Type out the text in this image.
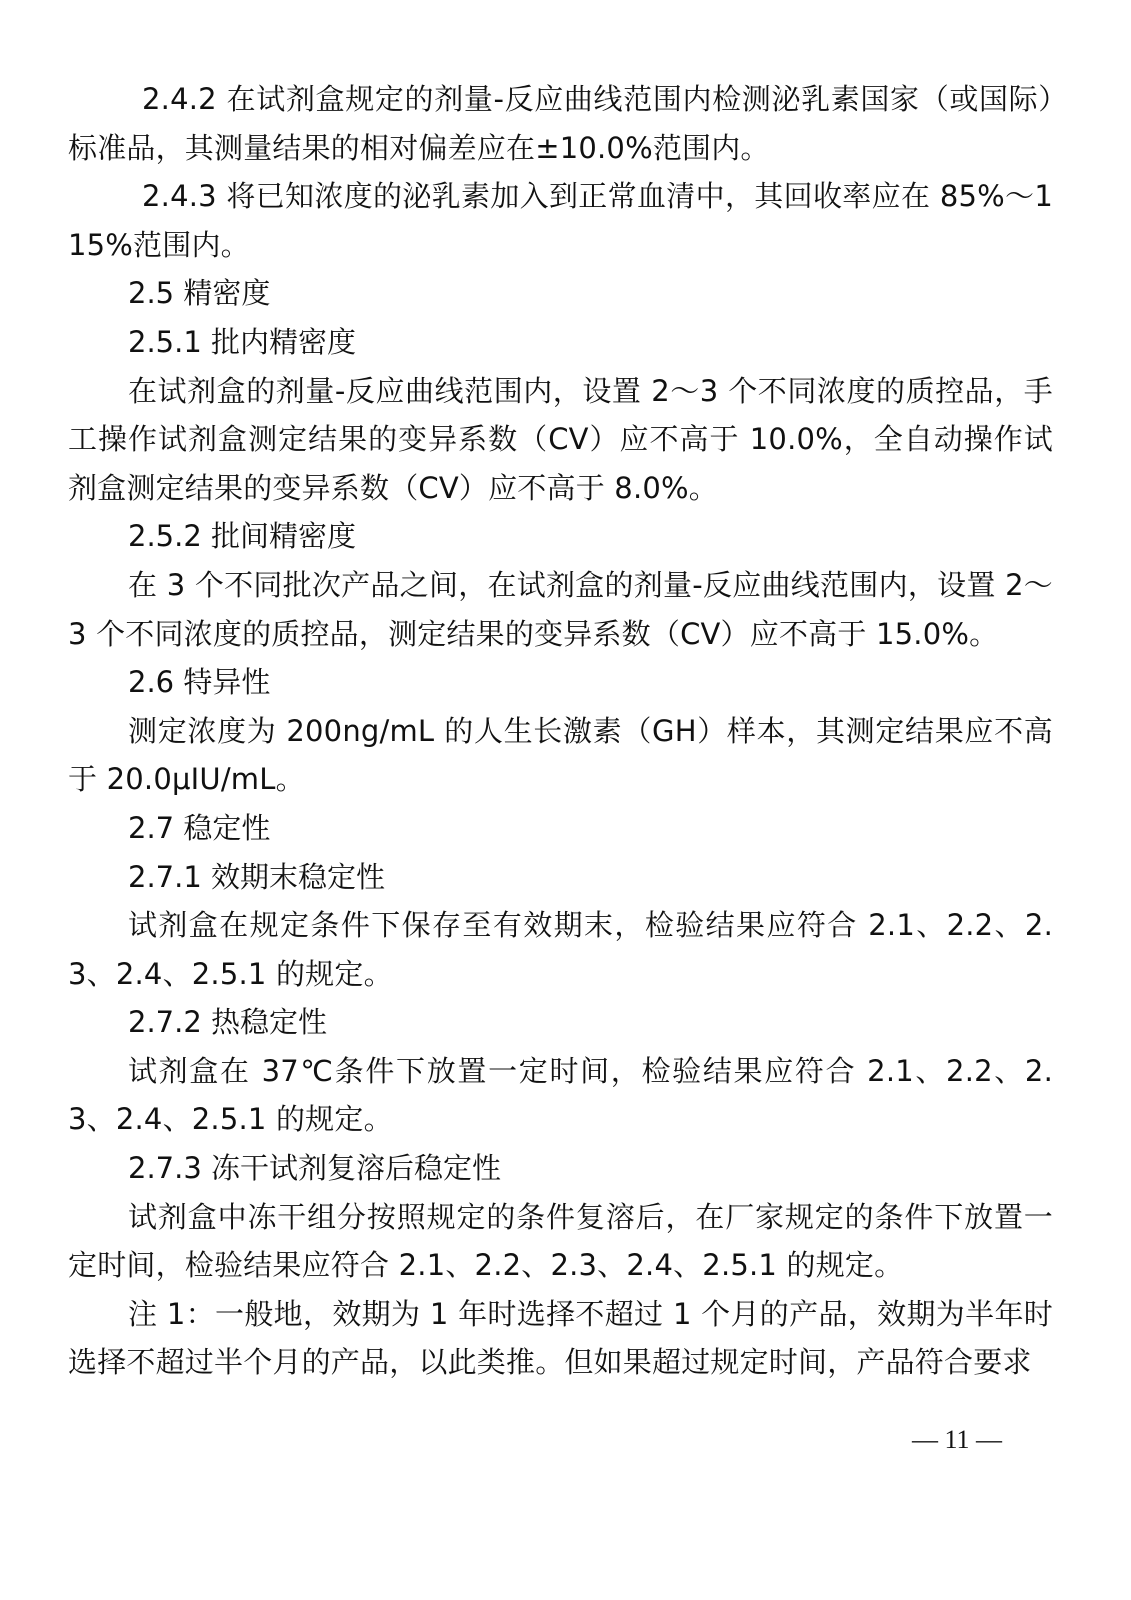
2.4.2 在试剂盒规定的剂量-反应曲线范围内检测泌乳素国家（或国际）标准品，其测量结果的相对偏差应在±10.0%范围内。

2.4.3 将已知浓度的泌乳素加入到正常血清中，其回收率应在 85%～115%范围内。

2.5 精密度

2.5.1 批内精密度

在试剂盒的剂量-反应曲线范围内，设置 2～3 个不同浓度的质控品，手工操作试剂盒测定结果的变异系数（CV）应不高于 10.0%，全自动操作试剂盒测定结果的变异系数（CV）应不高于 8.0%。

2.5.2 批间精密度

在 3 个不同批次产品之间，在试剂盒的剂量-反应曲线范围内，设置 2～3 个不同浓度的质控品，测定结果的变异系数（CV）应不高于 15.0%。

2.6 特异性

测定浓度为 200ng/mL 的人生长激素（GH）样本，其测定结果应不高于 20.0μIU/mL。

2.7 稳定性

2.7.1 效期末稳定性

试剂盒在规定条件下保存至有效期末，检验结果应符合 2.1、2.2、2.3、2.4、2.5.1 的规定。

2.7.2 热稳定性

试剂盒在 37℃条件下放置一定时间，检验结果应符合 2.1、2.2、2.3、2.4、2.5.1 的规定。

2.7.3 冻干试剂复溶后稳定性

试剂盒中冻干组分按照规定的条件复溶后，在厂家规定的条件下放置一定时间，检验结果应符合 2.1、2.2、2.3、2.4、2.5.1 的规定。

注 1：一般地，效期为 1 年时选择不超过 1 个月的产品，效期为半年时选择不超过半个月的产品，以此类推。但如果超过规定时间，产品符合要求

— 11 —
